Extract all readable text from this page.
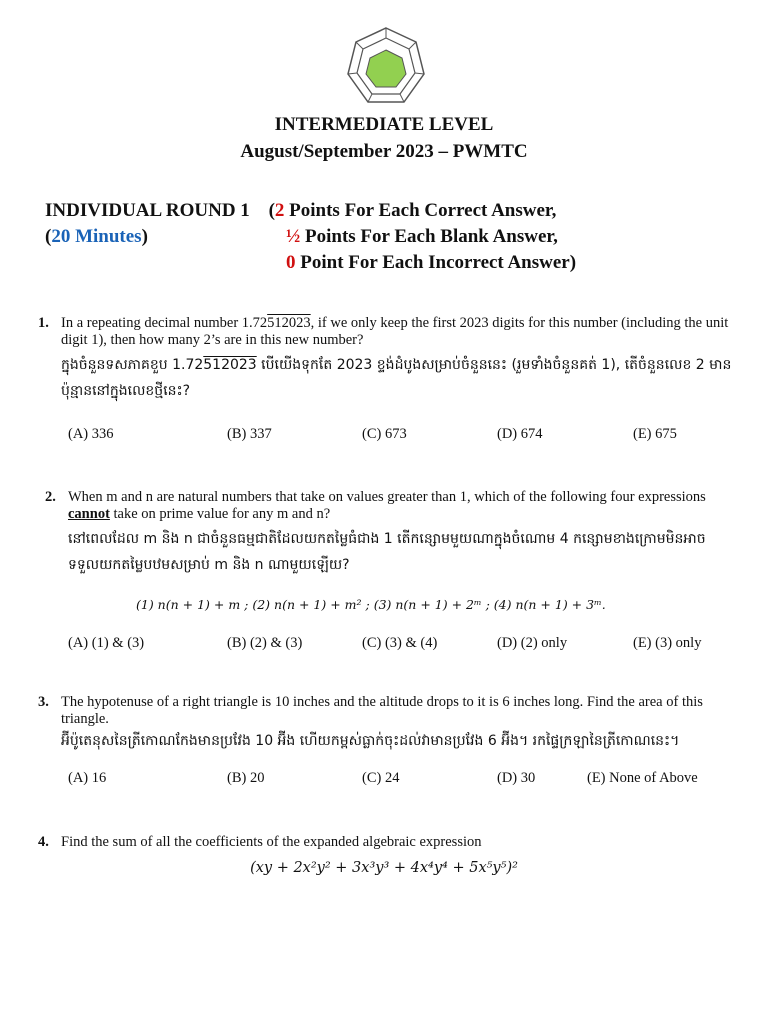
INTERMEDIATE LEVEL
August/September 2023 – PWMTC
INDIVIDUAL ROUND 1 (2 Points For Each Correct Answer,
(20 Minutes)	½ Points For Each Blank Answer,
0 Point For Each Incorrect Answer)
1. In a repeating decimal number 1.72512023, if we only keep the first 2023 digits for this number (including the unit digit 1), then how many 2’s are in this new number?
ក្នុងចំនួនទសភាគខួប 1.72512023 បើយើងទុកតែ 2023 ខ្ទង់ដំបូងសម្រាប់ចំនួននេះ (រួមទាំងចំនួនគត់ 1), តើចំនួនលេខ 2 មានប៉ុន្មាននៅក្នុងលេខថ្មីនេះ?
(A) 336	(B) 337	(C) 673	(D) 674	(E) 675
2. When m and n are natural numbers that take on values greater than 1, which of the following four expressions cannot take on prime value for any m and n?
នៅពេលដែល m និង n ជាចំនួនធម្មជាតិដែលយកតម្លៃធំជាង 1 តើកន្សោមមួយណាក្នុងចំណោម 4 កន្សោមខាងក្រោមមិនអាចទទួលយកតម្លៃបឋមសម្រាប់ m និង n ណាមួយឡើយ?
(1) n(n + 1) + m ; (2) n(n + 1) + m² ; (3) n(n + 1) + 2ᵐ ; (4) n(n + 1) + 3ᵐ.
(A) (1) & (3)	(B) (2) & (3)	(C) (3) & (4)	(D) (2) only	(E) (3) only
3. The hypotenuse of a right triangle is 10 inches and the altitude drops to it is 6 inches long. Find the area of this triangle.
អ៊ីប៉ូតេនុសនៃត្រីកោណកែងមានប្រវែង 10 អ៊ីង ហើយកម្ពស់ធ្លាក់ចុះដល់វាមានប្រវែង 6 អ៊ីង។ រកផ្ទៃក្រឡានៃត្រីកោណនេះ។
(A) 16	(B) 20	(C) 24	(D) 30	(E) None of Above
4. Find the sum of all the coefficients of the expanded algebraic expression
(xy + 2x²y² + 3x³y³ + 4x⁴y⁴ + 5x⁵y⁵)²
